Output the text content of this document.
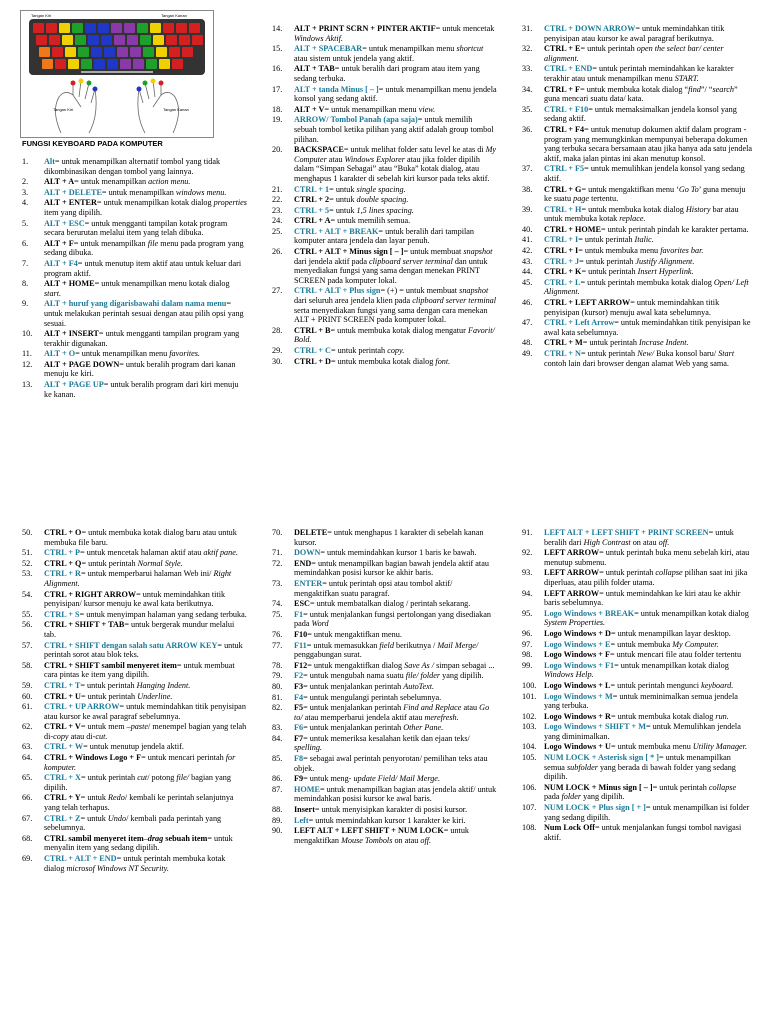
Tangan Kiri	Tangan Kanan
Tangan Kiri	Tangan Kanan
FUNGSI KEYBOARD PADA KOMPUTER
1.	Alt= untuk menampilkan alternatif tombol yang tidak dikombinasikan dengan tombol yang lainnya.
2.	ALT + A= untuk menampilkan action menu.
3.	ALT + DELETE= untuk menampilkan windows menu.
4.	ALT + ENTER= untuk menampilkan kotak dialog properties item yang dipilih.
5.	ALT + ESC= untuk mengganti tampilan kotak program secara berurutan melalui item yang telah dibuka.
6.	ALT + F= untuk menampilkan file menu pada program yang sedang dibuka.
7.	ALT + F4= untuk menutup item aktif atau untuk keluar dari program aktif.
8.	ALT + HOME= untuk menampilkan menu kotak dialog start.
9.	ALT + huruf yang digarisbawahi dalam nama menu= untuk melakukan perintah sesuai dengan atau pilih opsi yang sesuai.
10.	ALT + INSERT= untuk mengganti tampilan program yang terakhir digunakan.
11.	ALT + O= untuk menampilkan menu favorites.
12.	ALT + PAGE DOWN= untuk beralih program dari kanan menuju ke kiri.
13.	ALT + PAGE UP= untuk beralih program dari kiri menuju ke kanan.
14.	ALT + PRINT SCRN + PINTER AKTIF= untuk mencetak Windows Aktif.
15.	ALT + SPACEBAR= untuk menampilkan menu shortcut atau sistem untuk jendela yang aktif.
16.	ALT + TAB= untuk beralih dari program atau item yang sedang terbuka.
17.	ALT + tanda Minus [ – ]= untuk menampilkan menu jendela konsol yang sedang aktif.
18.	ALT + V= untuk menampilkan menu view.
19.	ARROW/ Tombol Panah (apa saja)= untuk memilih sebuah tombol ketika pilihan yang aktif adalah group tombol pilihan.
20.	BACKSPACE= untuk melihat folder satu level ke atas di My Computer atau Windows Explorer atau jika folder dipilih dalam “Simpan Sebagai” atau “Buka” kotak dialog, atau menghapus 1 karakter di sebelah kiri kursor pada teks aktif.
21.	CTRL + 1= untuk single spacing.
22.	CTRL + 2= untuk double spacing.
23.	CTRL + 5= untuk 1,5 lines spacing.
24.	CTRL + A= untuk memilih semua.
25.	CTRL + ALT + BREAK= untuk beralih dari tampilan komputer antara jendela dan layar penuh.
26.	CTRL + ALT + Minus sign [ – ]= untuk membuat snapshot dari jendela aktif pada clipboard server terminal dan untuk menyediakan fungsi yang sama dengan menekan PRINT SCREEN pada komputer lokal.
27.	CTRL + ALT + Plus sign= (+) = untuk membuat snapshot dari seluruh area jendela klien pada clipboard server terminal serta menyediakan fungsi yang sama dengan cara menekan ALT + PRINT SCREEN pada komputer lokal.
28.	CTRL + B= untuk membuka kotak dialog mengatur Favorit/ Bold.
29.	CTRL + C= untuk perintah copy.
30.	CTRL + D= untuk membuka kotak dialog font.
31.	CTRL + DOWN ARROW= untuk memindahkan titik penyisipan atau kursor ke awal paragraf berikutnya.
32.	CTRL + E= untuk perintah open the select bar/ center alignment.
33.	CTRL + END= untuk perintah memindahkan ke karakter terakhir atau untuk menampilkan menu START.
34.	CTRL + F= untuk membuka kotak dialog “find”/ “search” guna mencari suatu data/ kata.
35.	CTRL + F10= untuk memaksimalkan jendela konsol yang sedang aktif.
36.	CTRL + F4= untuk menutup dokumen aktif dalam program - program yang memungkinkan mempunyai beberapa dokumen yang terbuka secara bersamaan atau jika hanya ada satu jendela aktif, maka jalan pintas ini akan menutup konsol.
37.	CTRL + F5= untuk memulihkan jendela konsol yang sedang aktif.
38.	CTRL + G= untuk mengaktifkan menu ‘Go To’ guna menuju ke suatu page tertentu.
39.	CTRL + H= untuk membuka kotak dialog History bar atau untuk membuka kotak replace.
40.	CTRL + HOME= untuk perintah pindah ke karakter pertama.
41.	CTRL + I= untuk perintah Italic.
42.	CTRL + I= untuk membuka menu favorites bar.
43.	CTRL + J= untuk perintah Justify Alignment.
44.	CTRL + K= untuk perintah Insert Hyperlink.
45.	CTRL + L= untuk perintah membuka kotak dialog Open/ Left Alignment.
46.	CTRL + LEFT ARROW= untuk memindahkan titik penyisipan (kursor) menuju awal kata sebelumnya.
47.	CTRL + Left Arrow= untuk memindahkan titik penyisipan ke awal kata sebelumnya.
48.	CTRL + M= untuk perintah Incrase Indent.
49.	CTRL + N= untuk perintah New/ Buka konsol baru/ Start contoh lain dari browser dengan alamat Web yang sama.
50.	CTRL + O= untuk membuka kotak dialog baru atau untuk membuka file baru.
51.	CTRL + P= untuk mencetak halaman aktif atau aktif pane.
52.	CTRL + Q= untuk perintah Normal Style.
53.	CTRL + R= untuk memperbarui halaman Web ini/ Right Alignment.
54.	CTRL + RIGHT ARROW= untuk memindahkan titik penyisipan/ kursor menuju ke awal kata berikutnya.
55.	CTRL + S= untuk menyimpan halaman yang sedang terbuka.
56.	CTRL + SHIFT + TAB= untuk bergerak mundur melalui tab.
57.	CTRL + SHIFT dengan salah satu ARROW KEY= untuk perintah sorot atau blok teks.
58.	CTRL + SHIFT sambil menyeret item= untuk membuat cara pintas ke item yang dipilih.
59.	CTRL + T= untuk perintah Hanging Indent.
60.	CTRL + U= untuk perintah Underline.
61.	CTRL + UP ARROW= untuk memindahkan titik penyisipan atau kursor ke awal paragraf sebelumnya.
62.	CTRL + V= untuk mem –paste/ menempel bagian yang telah di-copy atau di-cut.
63.	CTRL + W= untuk menutup jendela aktif.
64.	CTRL + Windows Logo + F= untuk mencari perintah for komputer.
65.	CTRL + X= untuk perintah cut/ potong file/ bagian yang dipilih.
66.	CTRL + Y= untuk Redo/ kembali ke perintah selanjutnya yang telah terhapus.
67.	CTRL + Z= untuk Undo/ kembali pada perintah yang sebelumnya.
68.	CTRL sambil menyeret item–drag sebuah item= untuk menyalin item yang sedang dipilih.
69.	CTRL + ALT + END= untuk perintah membuka kotak dialog microsof Windows NT Security.
70.	DELETE= untuk menghapus 1 karakter di sebelah kanan kursor.
71.	DOWN= untuk memindahkan kursor 1 baris ke bawah.
72.	END= untuk menampilkan bagian bawah jendela aktif atau memindahkan posisi kursor ke akhir baris.
73.	ENTER= untuk perintah opsi atau tombol aktif/ mengaktifkan suatu paragraf.
74.	ESC= untuk membatalkan dialog / perintah sekarang.
75.	F1= untuk menjalankan fungsi pertolongan yang disediakan pada Word
76.	F10= untuk mengaktifkan menu.
77.	F11= untuk memasukkan field berikutnya / Mail Merge/ penggabungan surat.
78.	F12= untuk mengaktifkan dialog Save As / simpan sebagai ...
79.	F2= untuk mengubah nama suatu file/ folder yang dipilih.
80.	F3= untuk menjalankan perintah AutoText.
81.	F4= untuk mengulangi perintah sebelumnya.
82.	F5= untuk menjalankan perintah Find and Replace atau Go to/ atau memperbarui jendela aktif atau merefresh.
83.	F6= untuk menjalankan perintah Other Pane.
84.	F7= untuk memeriksa kesalahan ketik dan ejaan teks/ spelling.
85.	F8= sebagai awal perintah penyorotan/ pemilihan teks atau objek.
86.	F9= untuk meng- update Field/ Mail Merge.
87.	HOME= untuk menampilkan bagian atas jendela aktif/ untuk memindahkan posisi kursor ke awal baris.
88.	Insert= untuk menyisipkan karakter di posisi kursor.
89.	Left= untuk memindahkan kursor 1 karakter ke kiri.
90.	LEFT ALT + LEFT SHIFT + NUM LOCK= untuk mengaktifkan Mouse Tombols on atau off.
91.	LEFT ALT + LEFT SHIFT + PRINT SCREEN= untuk beralih dari High Contrast on atau off.
92.	LEFT ARROW= untuk perintah buka menu sebelah kiri, atau menutup submenu.
93.	LEFT ARROW= untuk perintah collapse pilihan saat ini jika diperluas, atau pilih folder utama.
94.	LEFT ARROW= untuk memindahkan ke kiri atau ke akhir baris sebelumnya.
95.	Logo Windows + BREAK= untuk menampilkan kotak dialog System Properties.
96.	Logo Windows + D= untuk menampilkan layar desktop.
97.	Logo Windows + E= untuk membuka My Computer.
98.	Logo Windows + F= untuk mencari file atau folder tertentu
99.	Logo Windows + F1= untuk menampilkan kotak dialog Windows Help.
100. Logo Windows + L= untuk perintah mengunci keyboard.
101. Logo Windows + M= untuk meminimalkan semua jendela yang terbuka.
102. Logo Windows + R= untuk membuka kotak dialog run.
103. Logo Windows + SHIFT + M= untuk Memulihkan jendela yang diminimalkan.
104. Logo Windows + U= untuk membuka menu Utility Manager.
105. NUM LOCK + Asterisk sign [ * ]= untuk menampilkan semua subfolder yang berada di bawah folder yang sedang dipilih.
106. NUM LOCK + Minus sign [ – ]= untuk perintah collapse pada folder yang dipilih.
107. NUM LOCK + Plus sign [ + ]= untuk menampilkan isi folder yang sedang dipilih.
108. Num Lock Off= untuk menjalankan fungsi tombol navigasi aktif.
